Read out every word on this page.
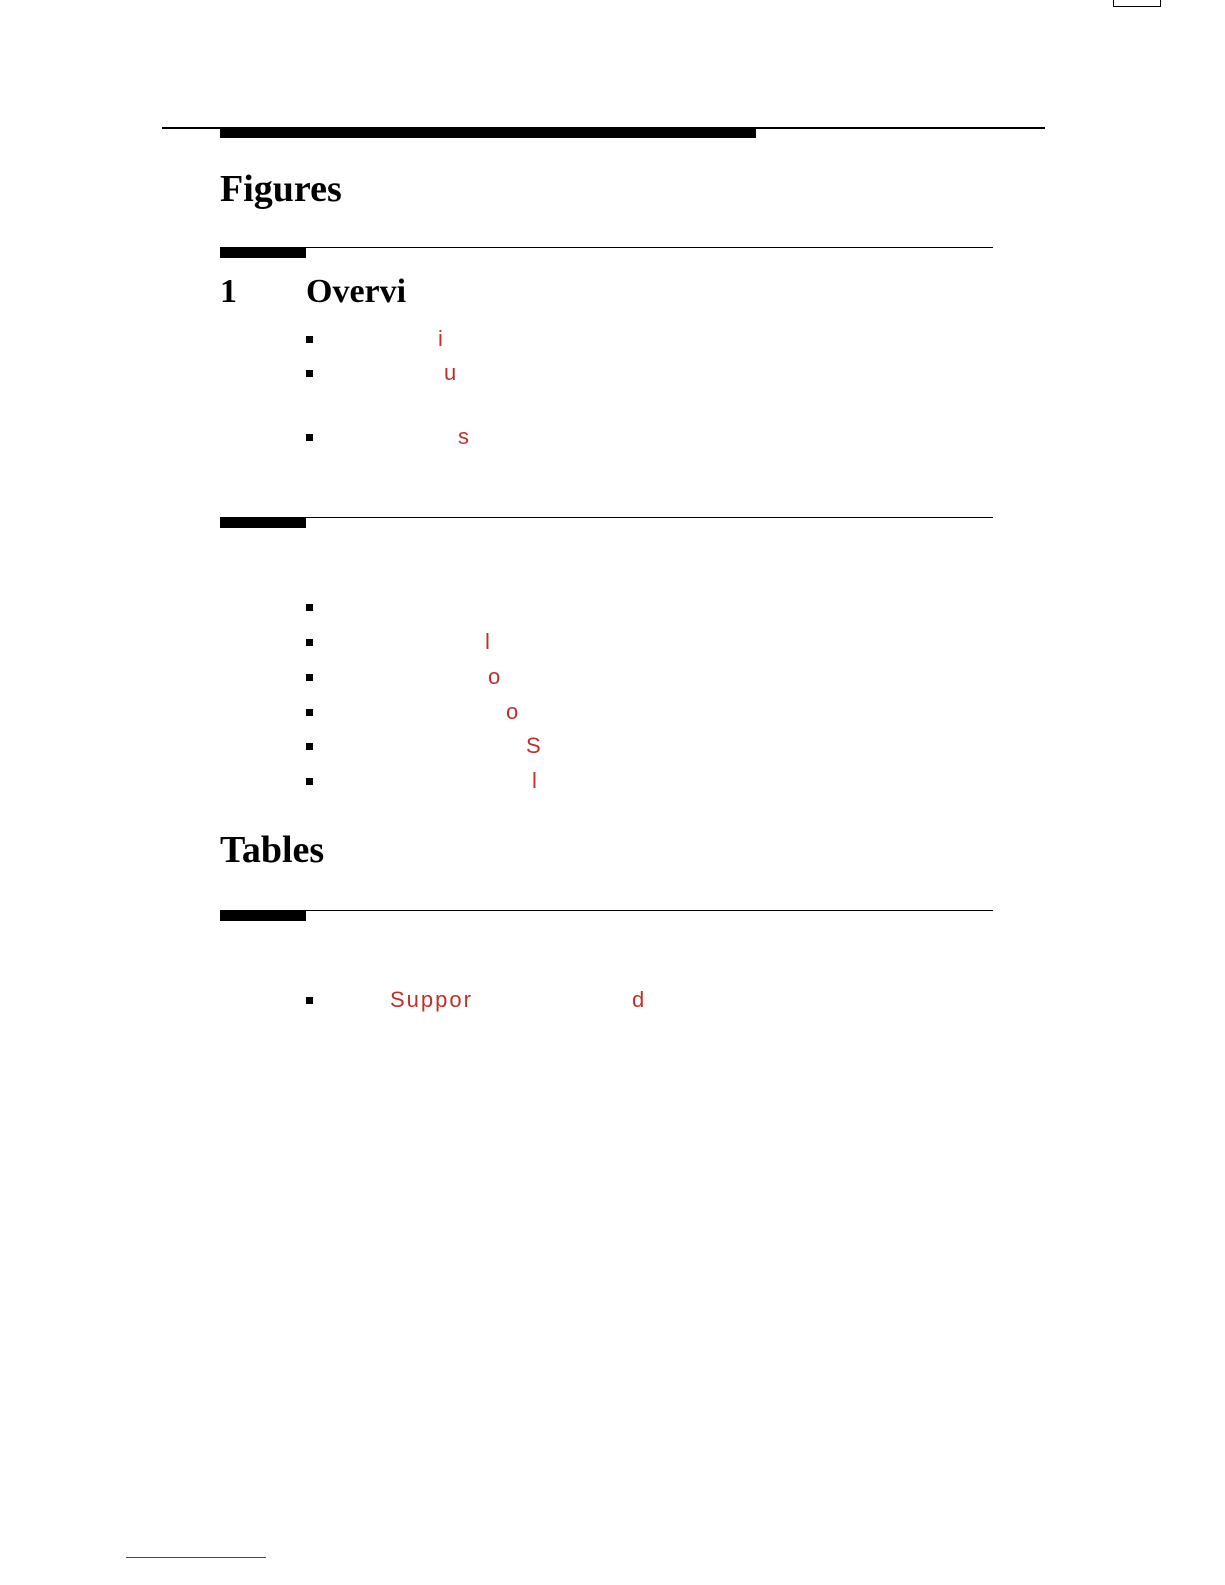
Figures
1 Overvi
i
u
s
l
o
o
S
l
Tables
Suppor	d
